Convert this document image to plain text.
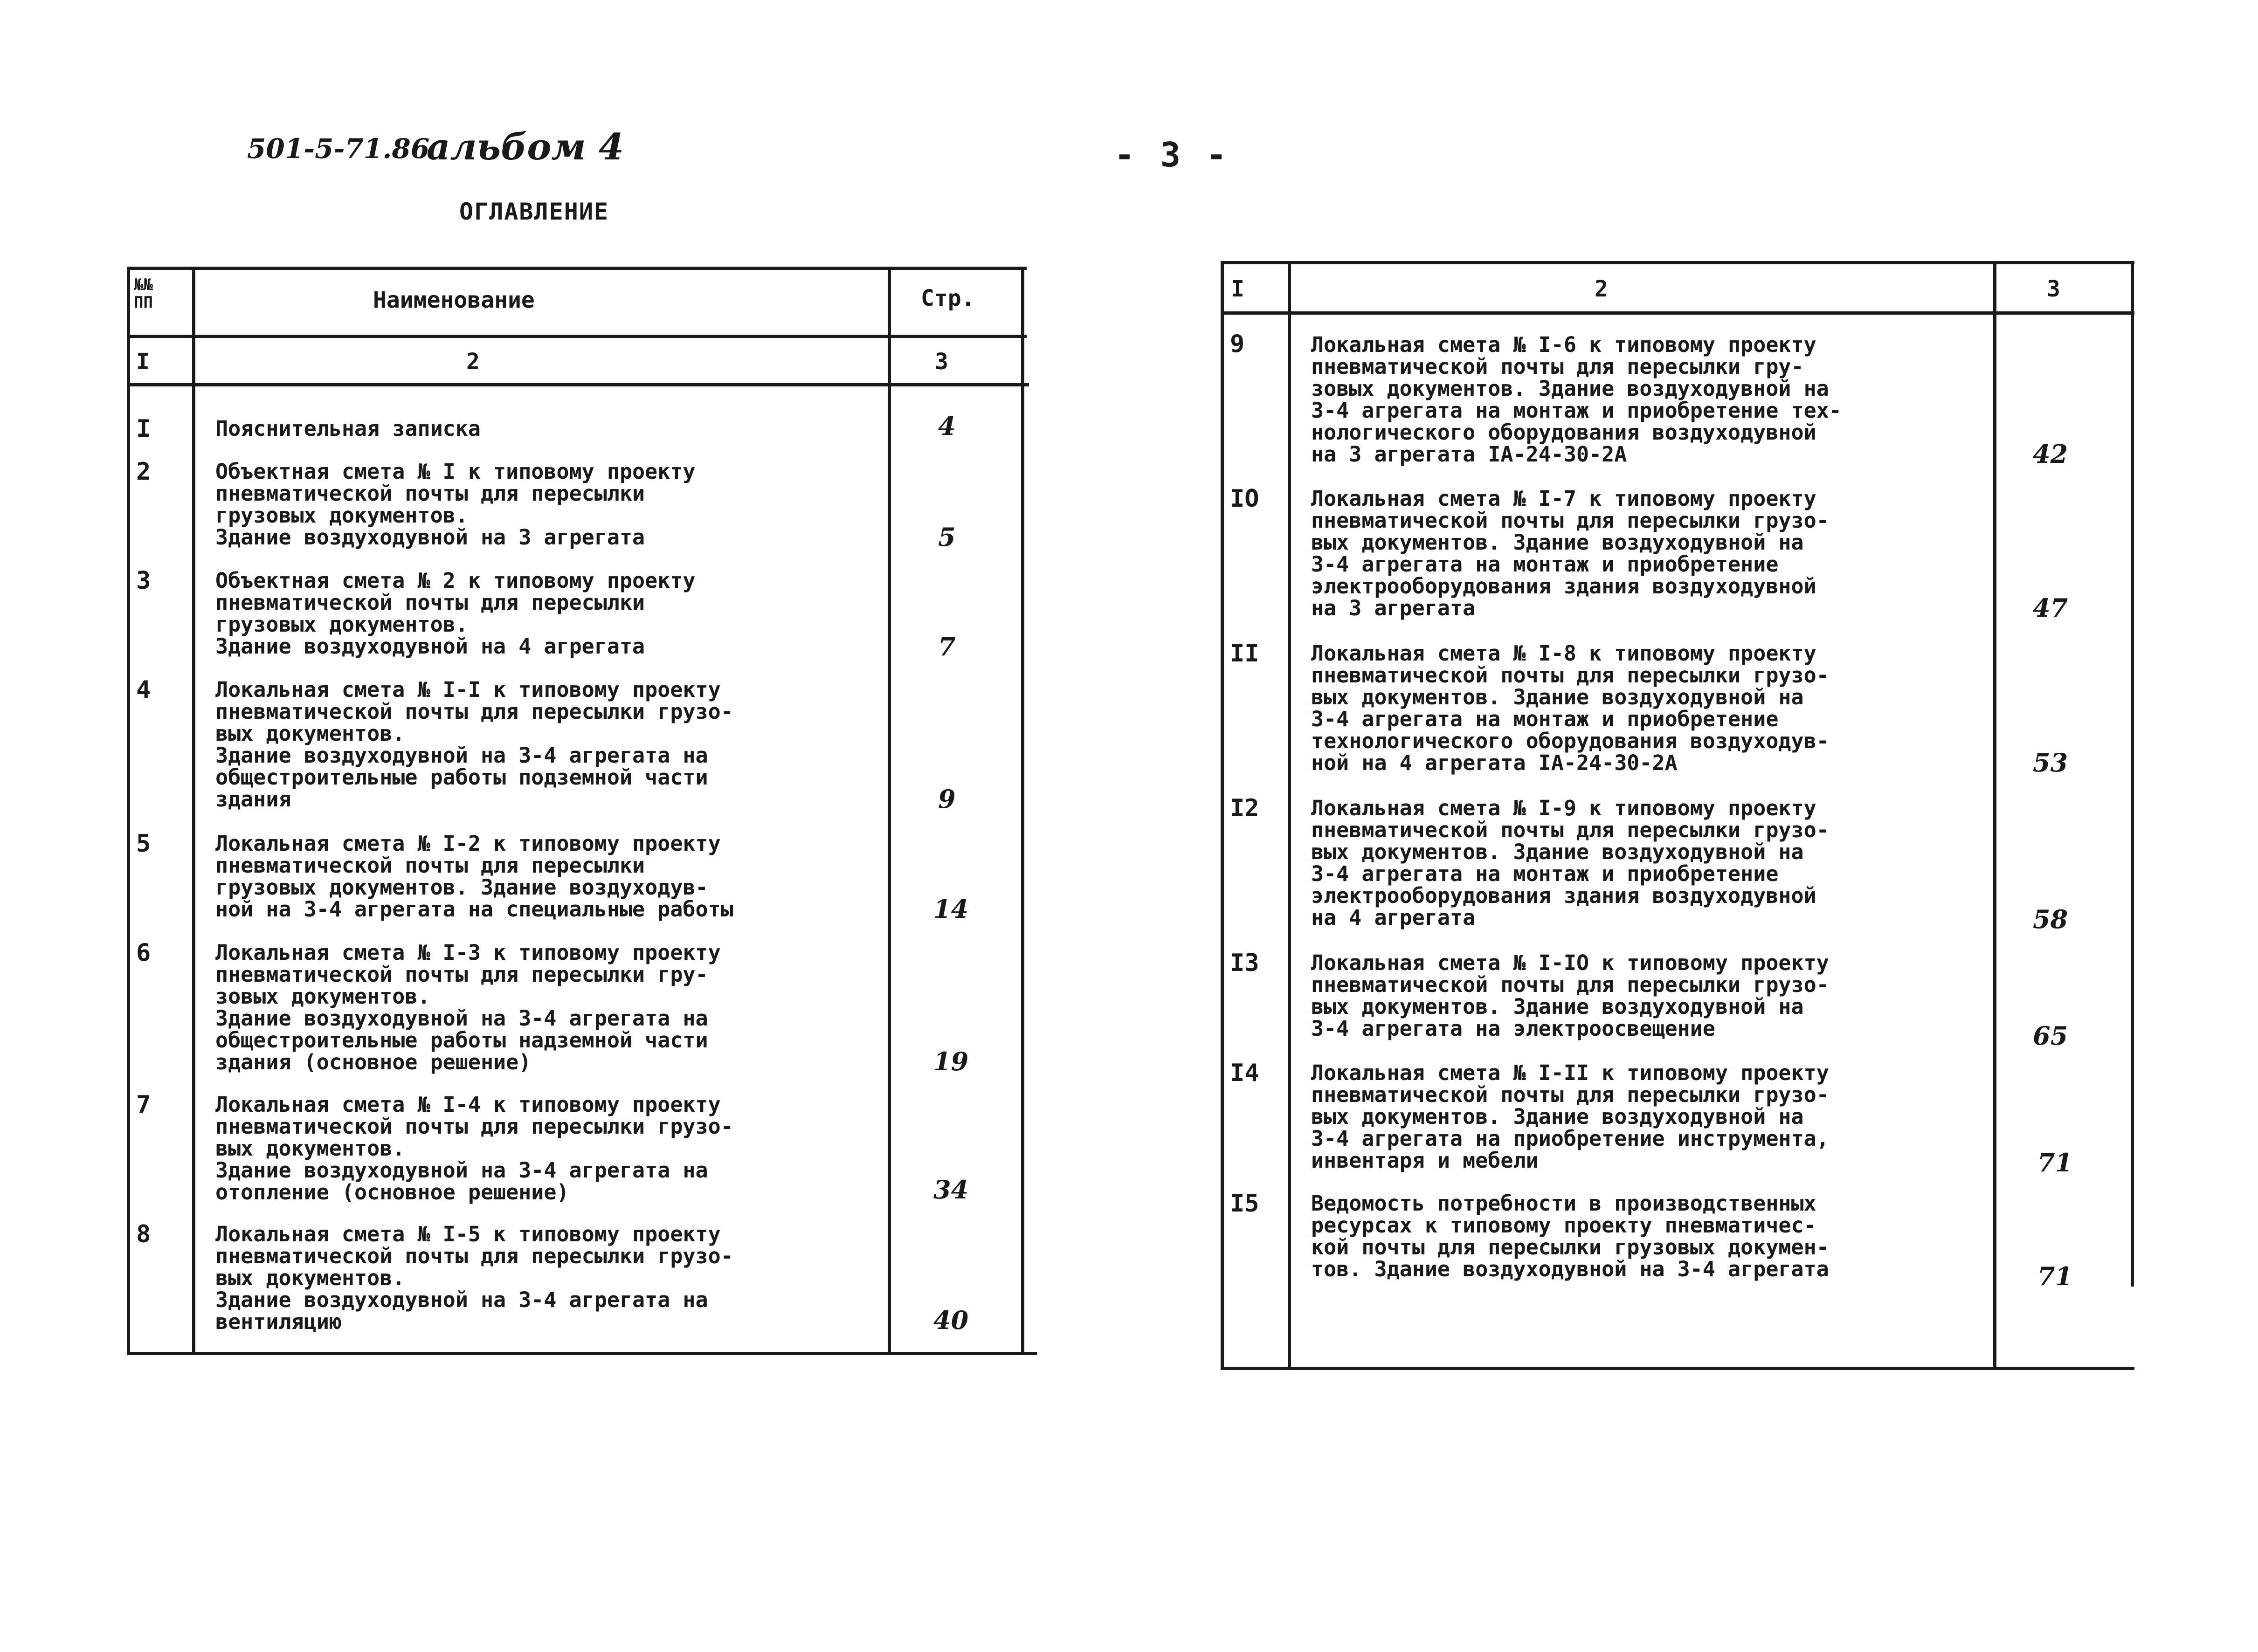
501-5-71.86
альбом 4	- 3 -
ОГЛАВЛЕНИЕ
№№
ПП	Наименование	Стр.
I	2	3
I	Пояснительная записка	4
2	Объектная смета № I к типовому проекту
пневматической почты для пересылки
грузовых документов.
Здание воздуходувной на 3 агрегата	5
3	Объектная смета № 2 к типовому проекту
пневматической почты для пересылки
грузовых документов.
Здание воздуходувной на 4 агрегата	7
4	Локальная смета № I-I к типовому проекту
пневматической почты для пересылки грузо-
вых документов.
Здание воздуходувной на 3-4 агрегата на
общестроительные работы подземной части
здания	9
5	Локальная смета № I-2 к типовому проекту
пневматической почты для пересылки
грузовых документов. Здание воздуходув-
ной на 3-4 агрегата на специальные работы	14
6	Локальная смета № I-3 к типовому проекту
пневматической почты для пересылки гру-
зовых документов.
Здание воздуходувной на 3-4 агрегата на
общестроительные работы надземной части
здания (основное решение)	19
7	Локальная смета № I-4 к типовому проекту
пневматической почты для пересылки грузо-
вых документов.
Здание воздуходувной на 3-4 агрегата на
отопление (основное решение)	34
8	Локальная смета № I-5 к типовому проекту
пневматической почты для пересылки грузо-
вых документов.
Здание воздуходувной на 3-4 агрегата на
вентиляцию	40
I	2	3
9	Локальная смета № I-6 к типовому проекту
пневматической почты для пересылки гру-
зовых документов. Здание воздуходувной на
3-4 агрегата на монтаж и приобретение тех-
нологического оборудования воздуходувной
на 3 агрегата IA-24-30-2A	42
IO Локальная смета № I-7 к типовому проекту
пневматической почты для пересылки грузо-
вых документов. Здание воздуходувной на
3-4 агрегата на монтаж и приобретение
электрооборудования здания воздуходувной
на 3 агрегата	47
II Локальная смета № I-8 к типовому проекту
пневматической почты для пересылки грузо-
вых документов. Здание воздуходувной на
3-4 агрегата на монтаж и приобретение
технологического оборудования воздуходув-
ной на 4 агрегата IA-24-30-2A	53
I2 Локальная смета № I-9 к типовому проекту
пневматической почты для пересылки грузо-
вых документов. Здание воздуходувной на
3-4 агрегата на монтаж и приобретение
электрооборудования здания воздуходувной
на 4 агрегата	58
I3 Локальная смета № I-IO к типовому проекту
пневматической почты для пересылки грузо-
вых документов. Здание воздуходувной на
3-4 агрегата на электроосвещение	65
I4 Локальная смета № I-II к типовому проекту
пневматической почты для пересылки грузо-
вых документов. Здание воздуходувной на
3-4 агрегата на приобретение инструмента,
инвентаря и мебели	71
I5 Ведомость потребности в производственных
ресурсах к типовому проекту пневматичес-
кой почты для пересылки грузовых докумен-
тов. Здание воздуходувной на 3-4 агрегата	71
